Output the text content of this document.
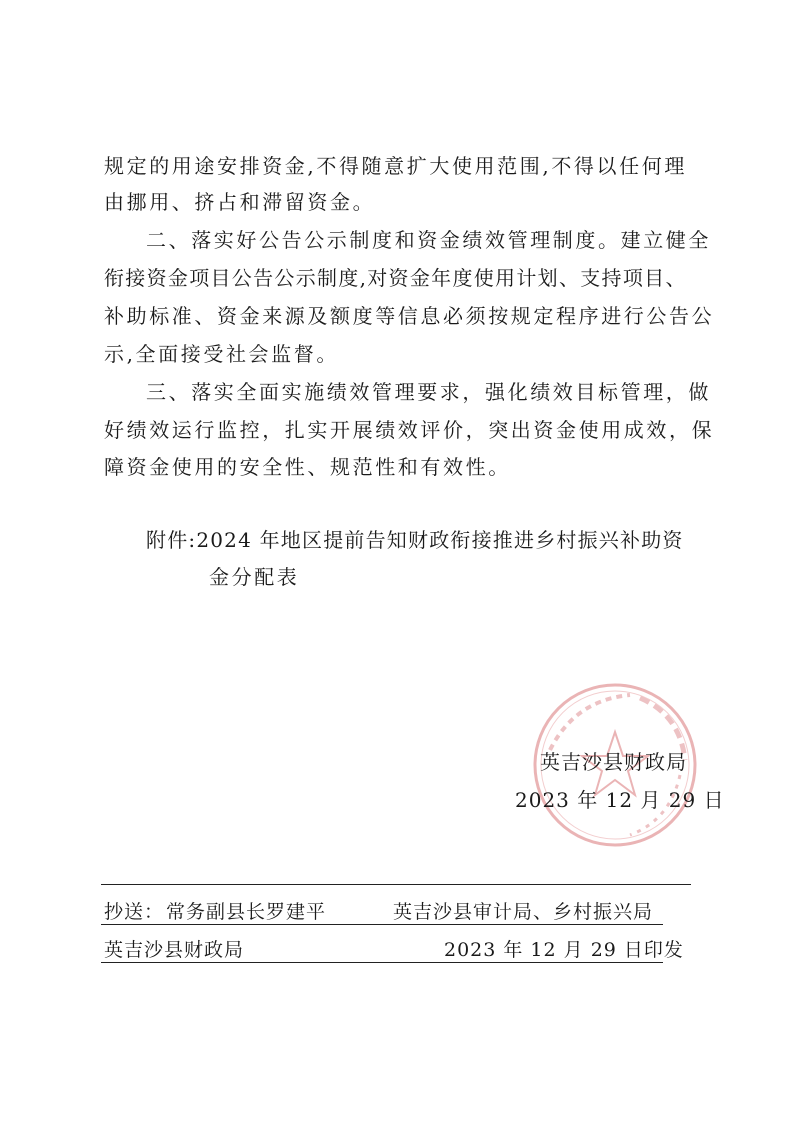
规定的用途安排资金,不得随意扩大使用范围,不得以任何理
由挪用、挤占和滞留资金。
二、落实好公告公示制度和资金绩效管理制度。建立健全
衔接资金项目公告公示制度,对资金年度使用计划、支持项目、
补助标准、资金来源及额度等信息必须按规定程序进行公告公
示,全面接受社会监督。
三、落实全面实施绩效管理要求，强化绩效目标管理，做
好绩效运行监控，扎实开展绩效评价，突出资金使用成效，保
障资金使用的安全性、规范性和有效性。
附件:2024 年地区提前告知财政衔接推进乡村振兴补助资
金分配表
英吉沙县财政局
2023 年 12 月 29 日
抄送： 常务副县长罗建平	英吉沙县审计局、乡村振兴局
英吉沙县财政局	2023 年 12 月 29 日印发
